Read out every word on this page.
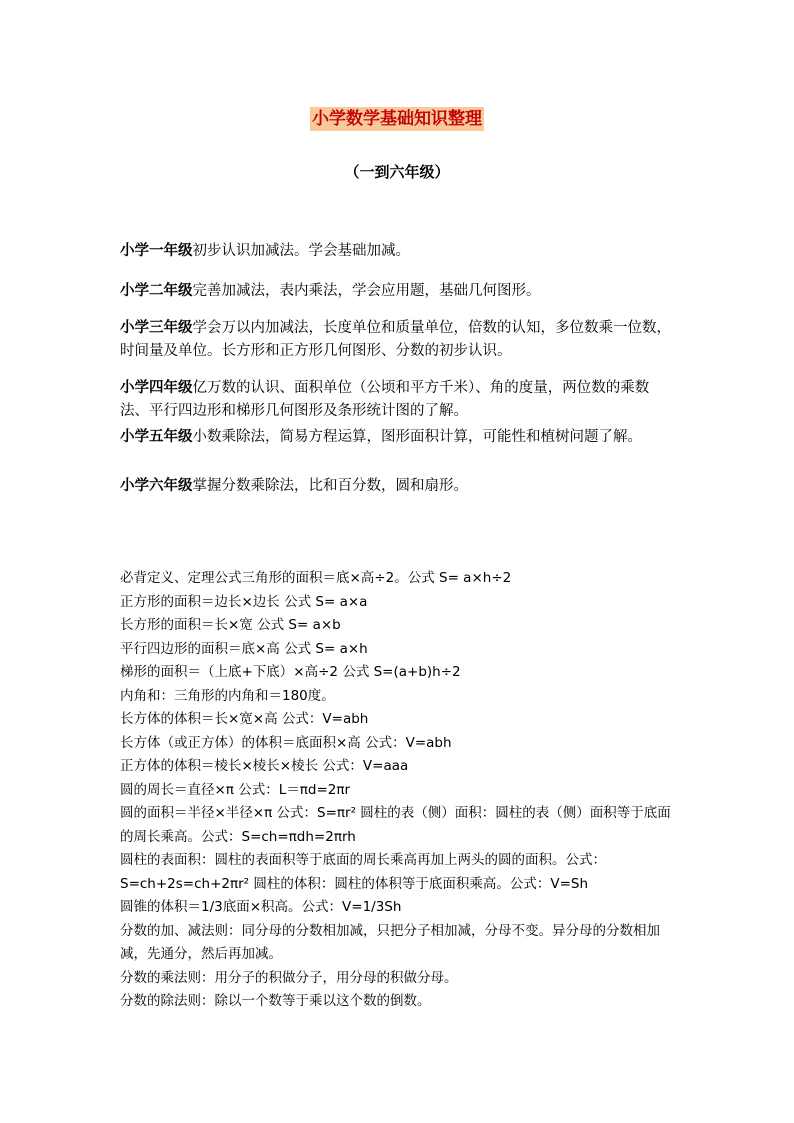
小学数学基础知识整理
（一到六年级）

小学一年级初步认识加减法。学会基础加减。

小学二年级完善加减法，表内乘法，学会应用题，基础几何图形。

小学三年级学会万以内加减法，长度单位和质量单位，倍数的认知，多位数乘一位数，时间量及单位。长方形和正方形几何图形、分数的初步认识。

小学四年级亿万数的认识、面积单位（公顷和平方千米）、角的度量，两位数的乘数法、平行四边形和梯形几何图形及条形统计图的了解。

小学五年级小数乘除法，简易方程运算，图形面积计算，可能性和植树问题了解。

小学六年级掌握分数乘除法，比和百分数，圆和扇形。

必背定义、定理公式三角形的面积＝底×高÷2。公式 S= a×h÷2
正方形的面积＝边长×边长 公式 S= a×a
长方形的面积＝长×宽 公式 S= a×b
平行四边形的面积＝底×高 公式 S= a×h
梯形的面积＝（上底+下底）×高÷2 公式 S=(a+b)h÷2
内角和：三角形的内角和＝180度。
长方体的体积＝长×宽×高 公式：V=abh
长方体（或正方体）的体积＝底面积×高 公式：V=abh
正方体的体积＝棱长×棱长×棱长 公式：V=aaa
圆的周长＝直径×π 公式：L＝πd=2πr
圆的面积＝半径×半径×π 公式：S=πr² 圆柱的表（侧）面积：圆柱的表（侧）面积等于底面的周长乘高。公式：S=ch=πdh=2πrh
圆柱的表面积：圆柱的表面积等于底面的周长乘高再加上两头的圆的面积。公式：S=ch+2s=ch+2πr² 圆柱的体积：圆柱的体积等于底面积乘高。公式：V=Sh
圆锥的体积＝1/3底面×积高。公式：V=1/3Sh
分数的加、减法则：同分母的分数相加减，只把分子相加减，分母不变。异分母的分数相加减，先通分，然后再加减。
分数的乘法则：用分子的积做分子，用分母的积做分母。
分数的除法则：除以一个数等于乘以这个数的倒数。
